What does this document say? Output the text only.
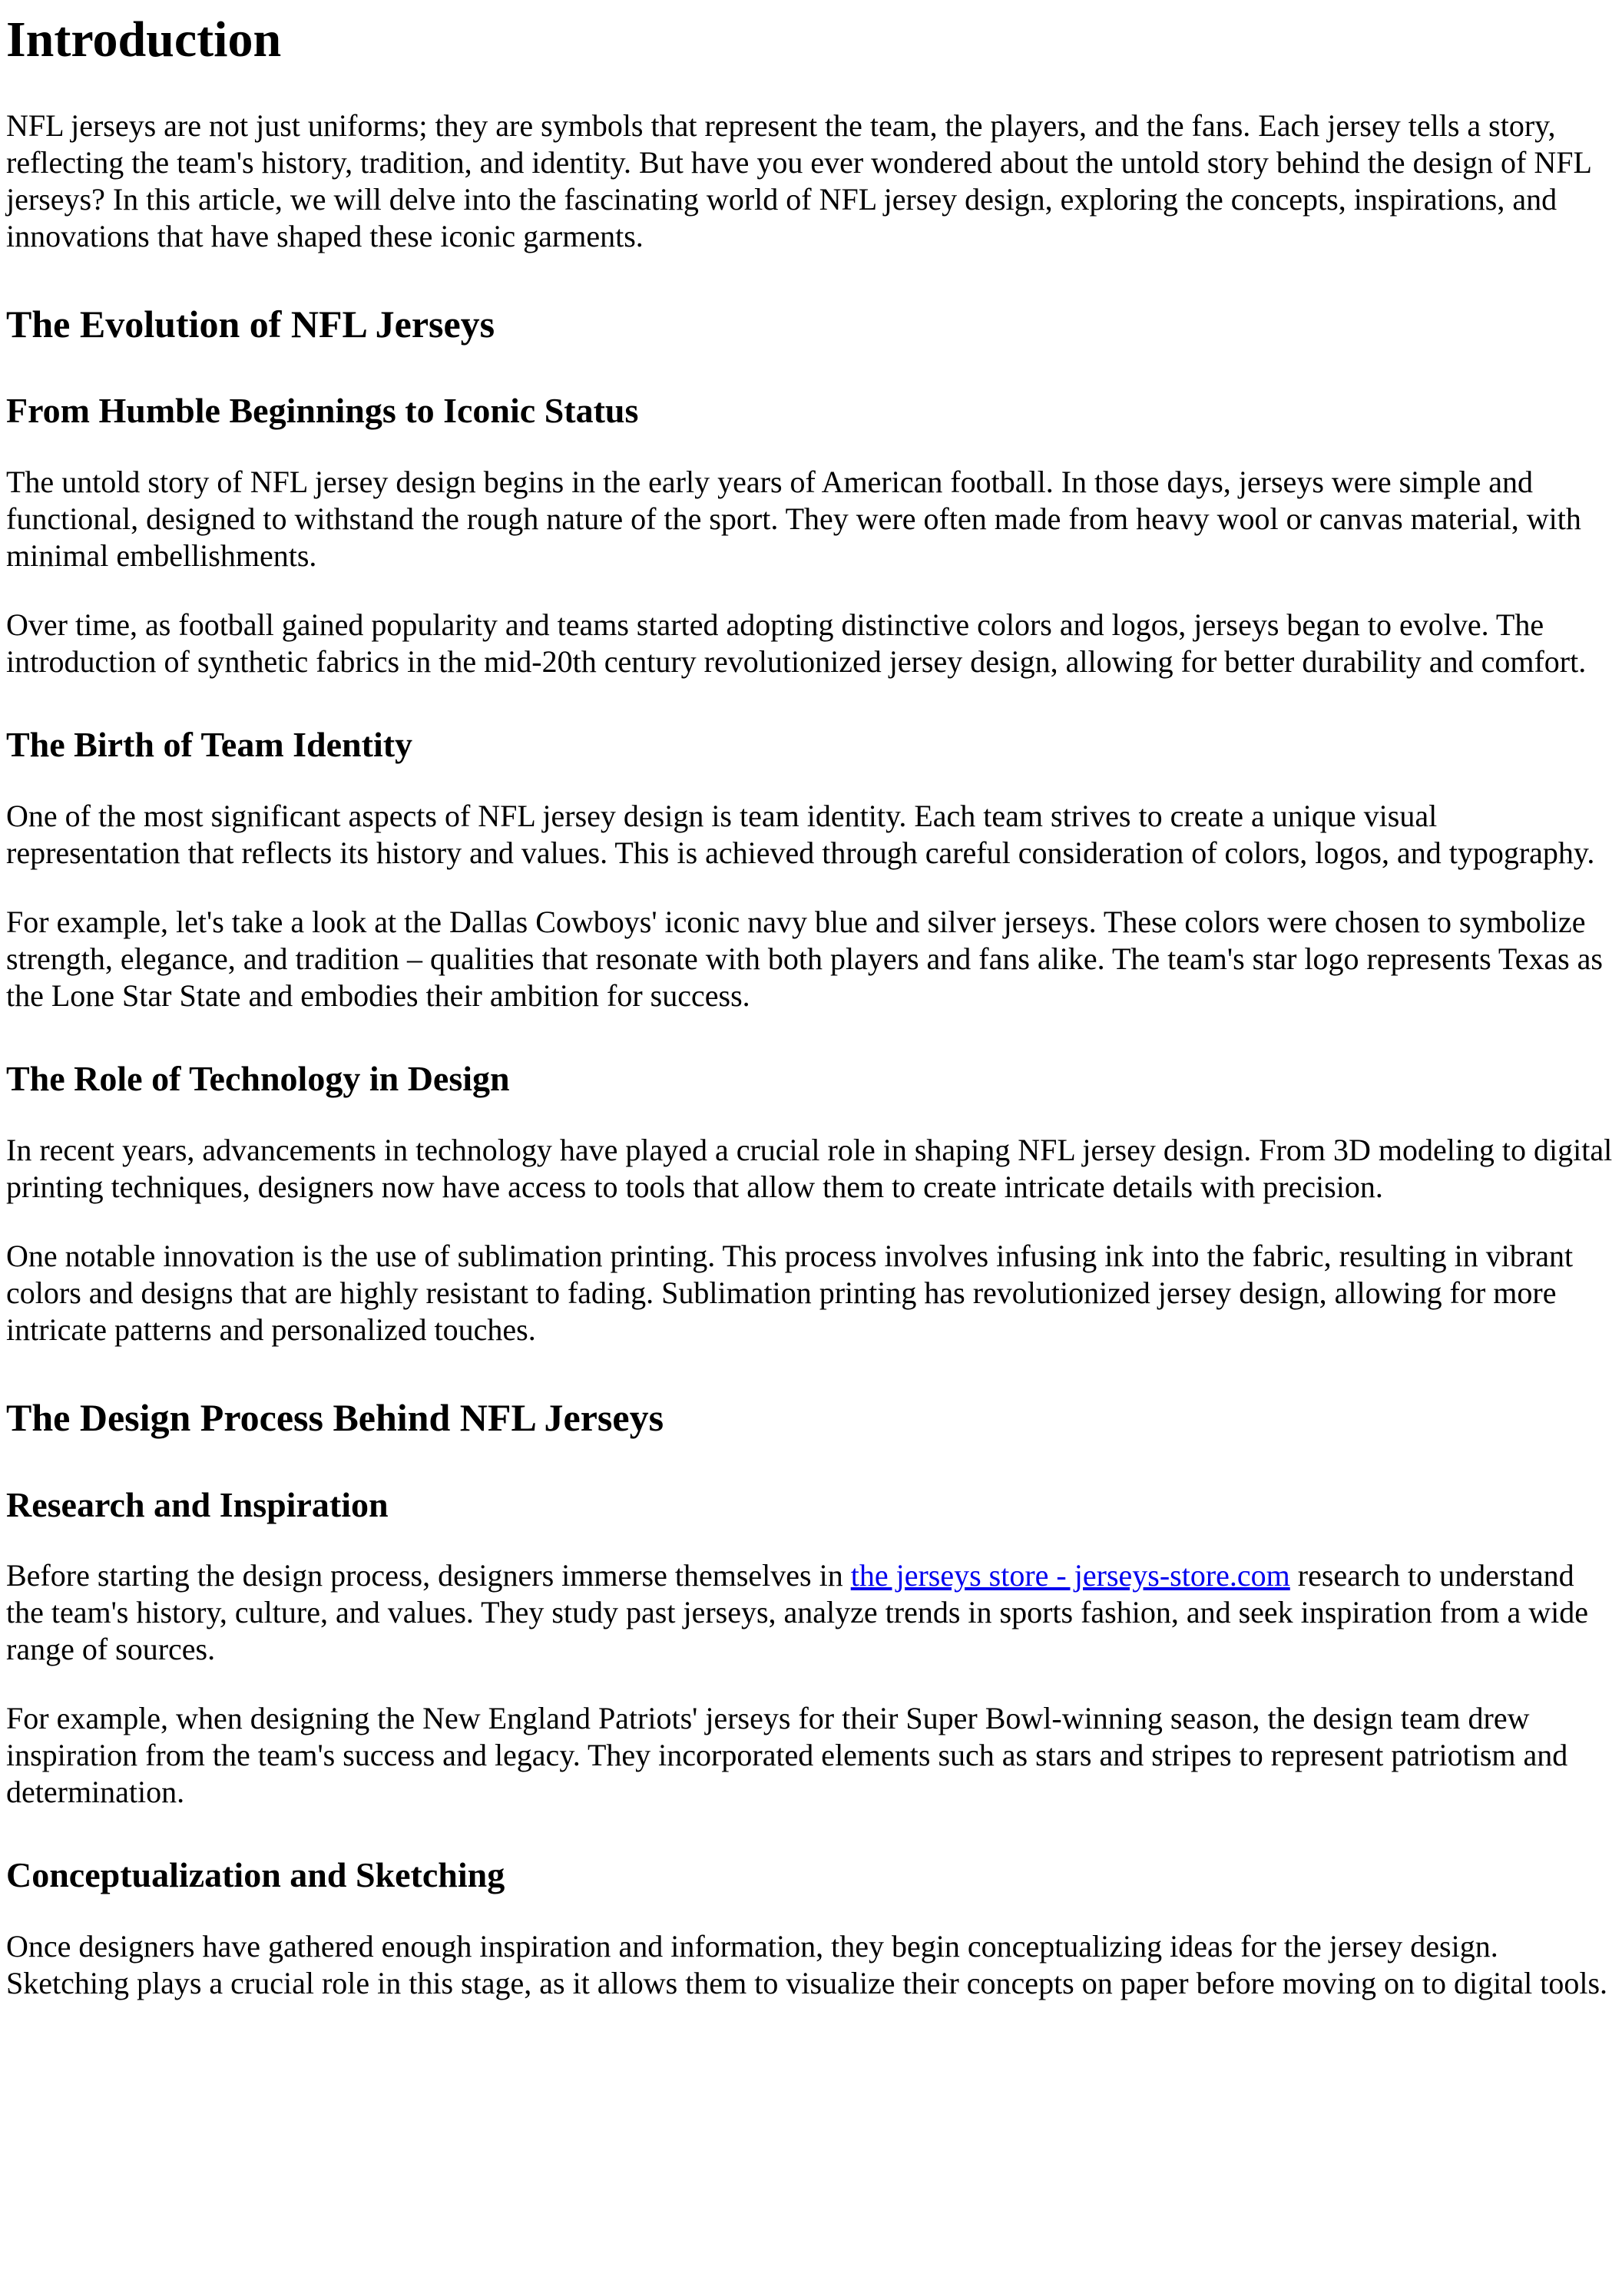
Introduction

NFL jerseys are not just uniforms; they are symbols that represent the team, the players, and the fans. Each jersey tells a story, reflecting the team's history, tradition, and identity. But have you ever wondered about the untold story behind the design of NFL jerseys? In this article, we will delve into the fascinating world of NFL jersey design, exploring the concepts, inspirations, and innovations that have shaped these iconic garments.

The Evolution of NFL Jerseys
From Humble Beginnings to Iconic Status

The untold story of NFL jersey design begins in the early years of American football. In those days, jerseys were simple and functional, designed to withstand the rough nature of the sport. They were often made from heavy wool or canvas material, with minimal embellishments.

Over time, as football gained popularity and teams started adopting distinctive colors and logos, jerseys began to evolve. The introduction of synthetic fabrics in the mid-20th century revolutionized jersey design, allowing for better durability and comfort.

The Birth of Team Identity

One of the most significant aspects of NFL jersey design is team identity. Each team strives to create a unique visual representation that reflects its history and values. This is achieved through careful consideration of colors, logos, and typography.

For example, let's take a look at the Dallas Cowboys' iconic navy blue and silver jerseys. These colors were chosen to symbolize strength, elegance, and tradition – qualities that resonate with both players and fans alike. The team's star logo represents Texas as the Lone Star State and embodies their ambition for success.

The Role of Technology in Design

In recent years, advancements in technology have played a crucial role in shaping NFL jersey design. From 3D modeling to digital printing techniques, designers now have access to tools that allow them to create intricate details with precision.

One notable innovation is the use of sublimation printing. This process involves infusing ink into the fabric, resulting in vibrant colors and designs that are highly resistant to fading. Sublimation printing has revolutionized jersey design, allowing for more intricate patterns and personalized touches.

The Design Process Behind NFL Jerseys
Research and Inspiration

Before starting the design process, designers immerse themselves in the jerseys store - jerseys-store.com research to understand the team's history, culture, and values. They study past jerseys, analyze trends in sports fashion, and seek inspiration from a wide range of sources.

For example, when designing the New England Patriots' jerseys for their Super Bowl-winning season, the design team drew inspiration from the team's success and legacy. They incorporated elements such as stars and stripes to represent patriotism and determination.

Conceptualization and Sketching

Once designers have gathered enough inspiration and information, they begin conceptualizing ideas for the jersey design. Sketching plays a crucial role in this stage, as it allows them to visualize their concepts on paper before moving on to digital tools.
